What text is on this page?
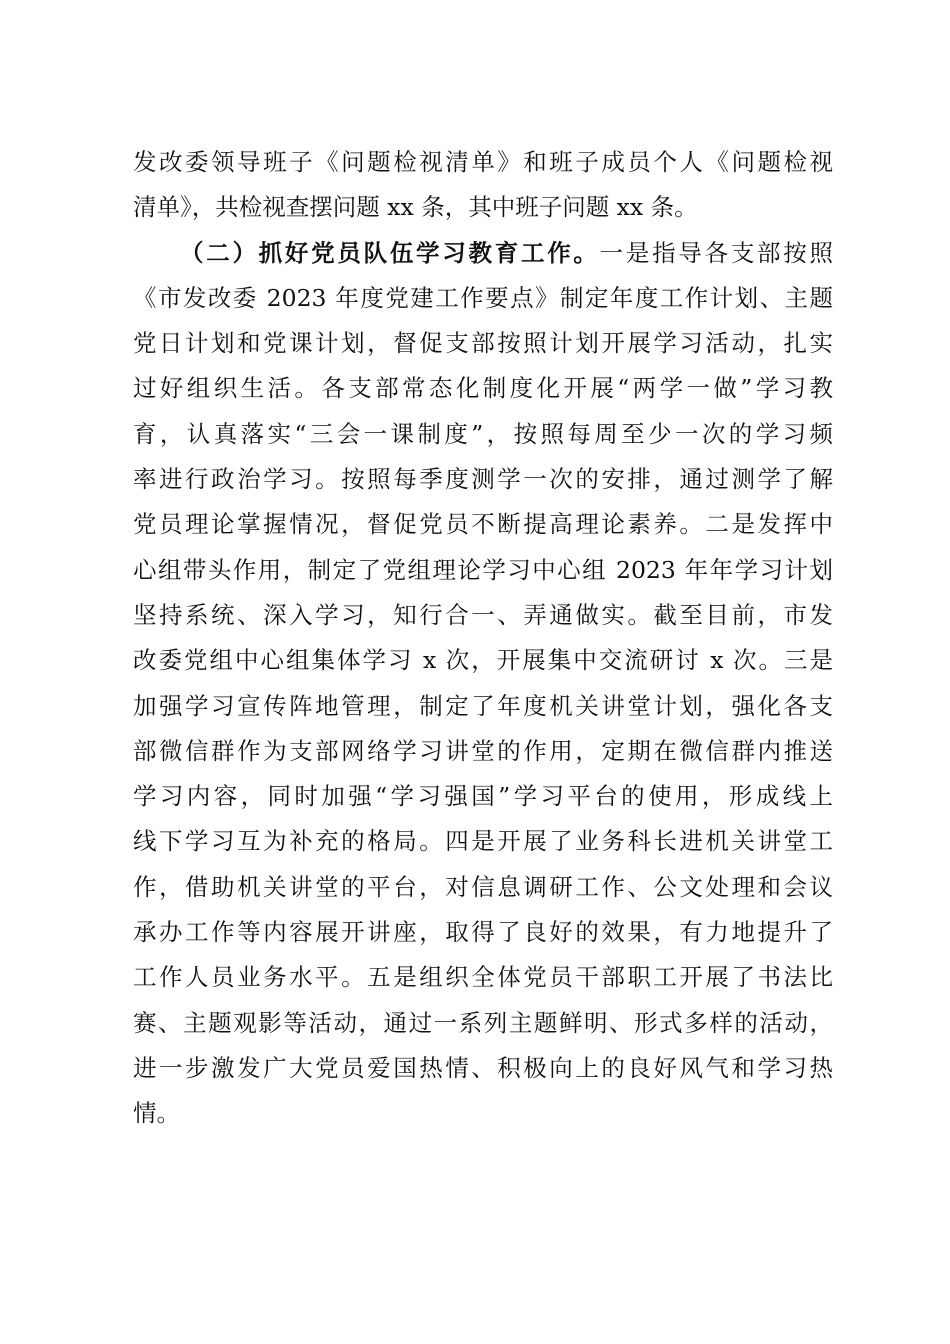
发改委领导班子《问题检视清单》和班子成员个人《问题检视
清单》，共检视查摆问题 xx 条，其中班子问题 xx 条。
（二）抓好党员队伍学习教育工作。一是指导各支部按照
《市发改委 2023 年度党建工作要点》制定年度工作计划、主题
党日计划和党课计划，督促支部按照计划开展学习活动，扎实
过好组织生活。各支部常态化制度化开展“两学一做”学习教
育，认真落实“三会一课制度”，按照每周至少一次的学习频
率进行政治学习。按照每季度测学一次的安排，通过测学了解
党员理论掌握情况，督促党员不断提高理论素养。二是发挥中
心组带头作用，制定了党组理论学习中心组 2023 年年学习计划
坚持系统、深入学习，知行合一、弄通做实。截至目前，市发
改委党组中心组集体学习 x 次，开展集中交流研讨 x 次。三是
加强学习宣传阵地管理，制定了年度机关讲堂计划，强化各支
部微信群作为支部网络学习讲堂的作用，定期在微信群内推送
学习内容，同时加强“学习强国”学习平台的使用，形成线上
线下学习互为补充的格局。四是开展了业务科长进机关讲堂工
作，借助机关讲堂的平台，对信息调研工作、公文处理和会议
承办工作等内容展开讲座，取得了良好的效果，有力地提升了
工作人员业务水平。五是组织全体党员干部职工开展了书法比
赛、主题观影等活动，通过一系列主题鲜明、形式多样的活动，
进一步激发广大党员爱国热情、积极向上的良好风气和学习热
情。
